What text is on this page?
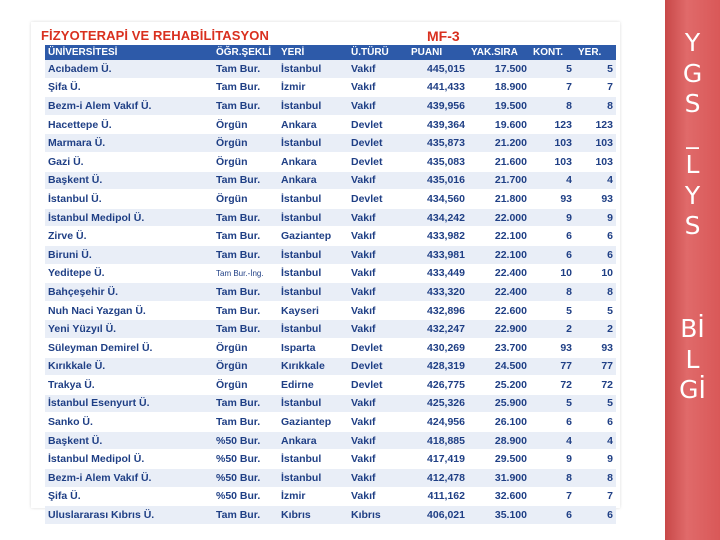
FİZYOTERAPİ VE REHABİLİTASYON	MF-3
ÜNİVERSİTESİ	ÖĞR.ŞEKLİ	YERİ	Ü.TÜRÜ	PUANI	YAK.SIRA	KONT.	YER.
Acıbadem Ü.	Tam Bur.	İstanbul	Vakıf	445,015	17.500	5	5
Şifa Ü.	Tam Bur.	İzmir	Vakıf	441,433	18.900	7	7
Bezm-i Alem Vakıf Ü.	Tam Bur.	İstanbul	Vakıf	439,956	19.500	8	8
Hacettepe Ü.	Örgün	Ankara	Devlet	439,364	19.600	123	123
Marmara Ü.	Örgün	İstanbul	Devlet	435,873	21.200	103	103
Gazi Ü.	Örgün	Ankara	Devlet	435,083	21.600	103	103
Başkent Ü.	Tam Bur.	Ankara	Vakıf	435,016	21.700	4	4
İstanbul Ü.	Örgün	İstanbul	Devlet	434,560	21.800	93	93
İstanbul Medipol Ü.	Tam Bur.	İstanbul	Vakıf	434,242	22.000	9	9
Zirve Ü.	Tam Bur.	Gaziantep	Vakıf	433,982	22.100	6	6
Biruni Ü.	Tam Bur.	İstanbul	Vakıf	433,981	22.100	6	6
Yeditepe Ü.	Tam Bur.-İng.	İstanbul	Vakıf	433,449	22.400	10	10
Bahçeşehir Ü.	Tam Bur.	İstanbul	Vakıf	433,320	22.400	8	8
Nuh Naci Yazgan Ü.	Tam Bur.	Kayseri	Vakıf	432,896	22.600	5	5
Yeni Yüzyıl Ü.	Tam Bur.	İstanbul	Vakıf	432,247	22.900	2	2
Süleyman Demirel Ü.	Örgün	Isparta	Devlet	430,269	23.700	93	93
Kırıkkale Ü.	Örgün	Kırıkkale	Devlet	428,319	24.500	77	77
Trakya Ü.	Örgün	Edirne	Devlet	426,775	25.200	72	72
İstanbul Esenyurt Ü.	Tam Bur.	İstanbul	Vakıf	425,326	25.900	5	5
Sanko Ü.	Tam Bur.	Gaziantep	Vakıf	424,956	26.100	6	6
Başkent Ü.	%50 Bur.	Ankara	Vakıf	418,885	28.900	4	4
İstanbul Medipol Ü.	%50 Bur.	İstanbul	Vakıf	417,419	29.500	9	9
Bezm-i Alem Vakıf Ü.	%50 Bur.	İstanbul	Vakıf	412,478	31.900	8	8
Şifa Ü.	%50 Bur.	İzmir	Vakıf	411,162	32.600	7	7
Uluslararası Kıbrıs Ü.	Tam Bur.	Kıbrıs	Kıbrıs	406,021	35.100	6	6
Y
G
S
_
L
Y
S
Bİ
L
Gİ
